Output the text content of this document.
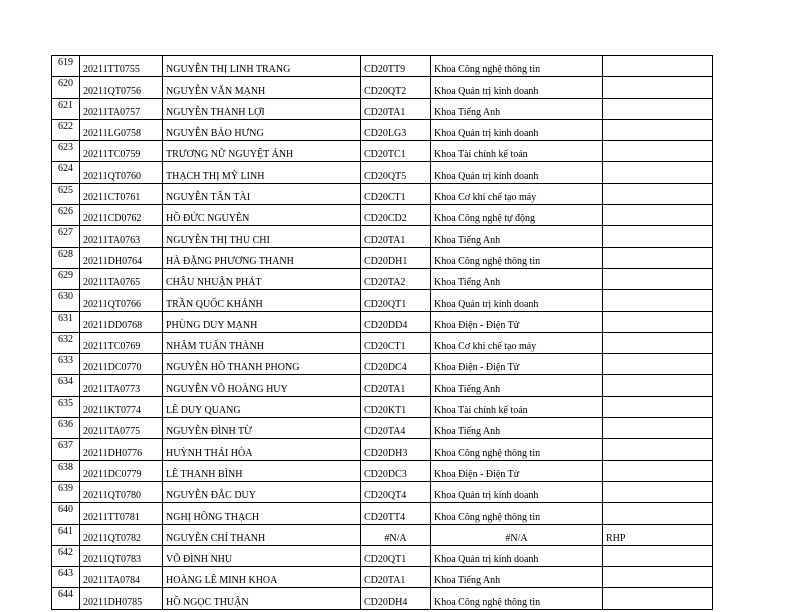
619	20211TT0755	NGUYỄN THỊ LINH TRANG	CD20TT9	Khoa Công nghệ thông tin	
620	20211QT0756	NGUYỄN VĂN MẠNH	CD20QT2	Khoa Quản trị kinh doanh	
621	20211TA0757	NGUYỄN THANH LỢI	CD20TA1	Khoa Tiếng Anh	
622	20211LG0758	NGUYỄN BẢO HƯNG	CD20LG3	Khoa Quản trị kinh doanh	
623	20211TC0759	TRƯƠNG NỮ NGUYỆT ÁNH	CD20TC1	Khoa Tài chính kế toán	
624	20211QT0760	THẠCH THỊ MỸ LINH	CD20QT5	Khoa Quản trị kinh doanh	
625	20211CT0761	NGUYỄN TẤN TÀI	CD20CT1	Khoa Cơ khí chế tạo máy	
626	20211CD0762	HỒ ĐỨC NGUYÊN	CD20CD2	Khoa Công nghệ tự động	
627	20211TA0763	NGUYỄN THỊ THU CHI	CD20TA1	Khoa Tiếng Anh	
628	20211DH0764	HÀ ĐẶNG PHƯƠNG THANH	CD20DH1	Khoa Công nghệ thông tin	
629	20211TA0765	CHÂU NHUẬN PHÁT	CD20TA2	Khoa Tiếng Anh	
630	20211QT0766	TRẦN QUỐC KHÁNH	CD20QT1	Khoa Quản trị kinh doanh	
631	20211DD0768	PHÙNG DUY MẠNH	CD20DD4	Khoa Điện - Điện Tử	
632	20211TC0769	NHÂM TUẤN THÀNH	CD20CT1	Khoa Cơ khí chế tạo máy	
633	20211DC0770	NGUYỄN HỒ THANH PHONG	CD20DC4	Khoa Điện - Điện Tử	
634	20211TA0773	NGUYỄN VÕ HOÀNG HUY	CD20TA1	Khoa Tiếng Anh	
635	20211KT0774	LÊ DUY QUANG	CD20KT1	Khoa Tài chính kế toán	
636	20211TA0775	NGUYỄN ĐÌNH TỪ	CD20TA4	Khoa Tiếng Anh	
637	20211DH0776	HUỲNH THÁI HÒA	CD20DH3	Khoa Công nghệ thông tin	
638	20211DC0779	LÊ THANH BÌNH	CD20DC3	Khoa Điện - Điện Tử	
639	20211QT0780	NGUYỄN ĐẮC DUY	CD20QT4	Khoa Quản trị kinh doanh	
640	20211TT0781	NGHỊ HỒNG THẠCH	CD20TT4	Khoa Công nghệ thông tin	
641	20211QT0782	NGUYỄN CHÍ THANH	#N/A	#N/A	RHP
642	20211QT0783	VÕ ĐÌNH NHU	CD20QT1	Khoa Quản trị kinh doanh	
643	20211TA0784	HOÀNG LÊ MINH KHOA	CD20TA1	Khoa Tiếng Anh	
644	20211DH0785	HỒ NGỌC THUẬN	CD20DH4	Khoa Công nghệ thông tin	
